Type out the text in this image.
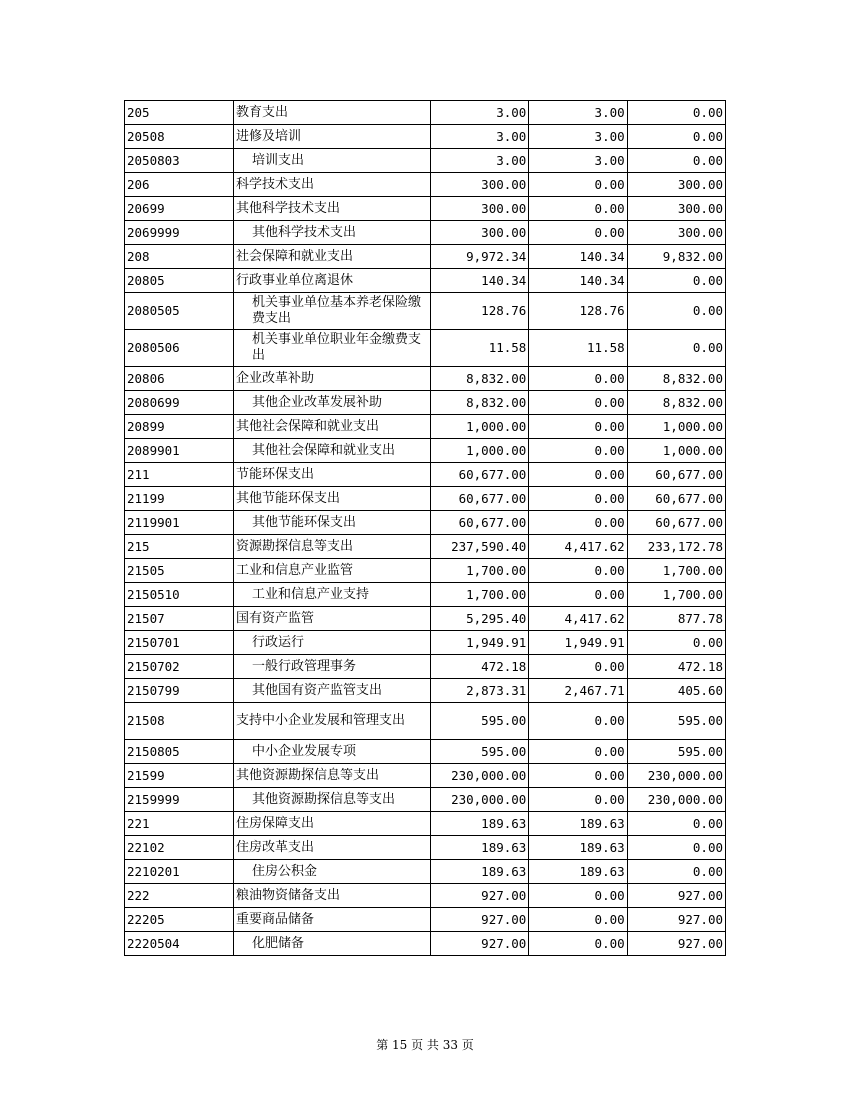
205	教育支出	3.00	3.00	0.00
20508	进修及培训	3.00	3.00	0.00
2050803	培训支出	3.00	3.00	0.00
206	科学技术支出	300.00	0.00	300.00
20699	其他科学技术支出	300.00	0.00	300.00
2069999	其他科学技术支出	300.00	0.00	300.00
208	社会保障和就业支出	9,972.34	140.34	9,832.00
20805	行政事业单位离退休	140.34	140.34	0.00
2080505	机关事业单位基本养老保险缴费支出	128.76	128.76	0.00
2080506	机关事业单位职业年金缴费支出	11.58	11.58	0.00
20806	企业改革补助	8,832.00	0.00	8,832.00
2080699	其他企业改革发展补助	8,832.00	0.00	8,832.00
20899	其他社会保障和就业支出	1,000.00	0.00	1,000.00
2089901	其他社会保障和就业支出	1,000.00	0.00	1,000.00
211	节能环保支出	60,677.00	0.00	60,677.00
21199	其他节能环保支出	60,677.00	0.00	60,677.00
2119901	其他节能环保支出	60,677.00	0.00	60,677.00
215	资源勘探信息等支出	237,590.40	4,417.62	233,172.78
21505	工业和信息产业监管	1,700.00	0.00	1,700.00
2150510	工业和信息产业支持	1,700.00	0.00	1,700.00
21507	国有资产监管	5,295.40	4,417.62	877.78
2150701	行政运行	1,949.91	1,949.91	0.00
2150702	一般行政管理事务	472.18	0.00	472.18
2150799	其他国有资产监管支出	2,873.31	2,467.71	405.60
21508	支持中小企业发展和管理支出	595.00	0.00	595.00
2150805	中小企业发展专项	595.00	0.00	595.00
21599	其他资源勘探信息等支出	230,000.00	0.00	230,000.00
2159999	其他资源勘探信息等支出	230,000.00	0.00	230,000.00
221	住房保障支出	189.63	189.63	0.00
22102	住房改革支出	189.63	189.63	0.00
2210201	住房公积金	189.63	189.63	0.00
222	粮油物资储备支出	927.00	0.00	927.00
22205	重要商品储备	927.00	0.00	927.00
2220504	化肥储备	927.00	0.00	927.00
第 15 页 共 33 页
